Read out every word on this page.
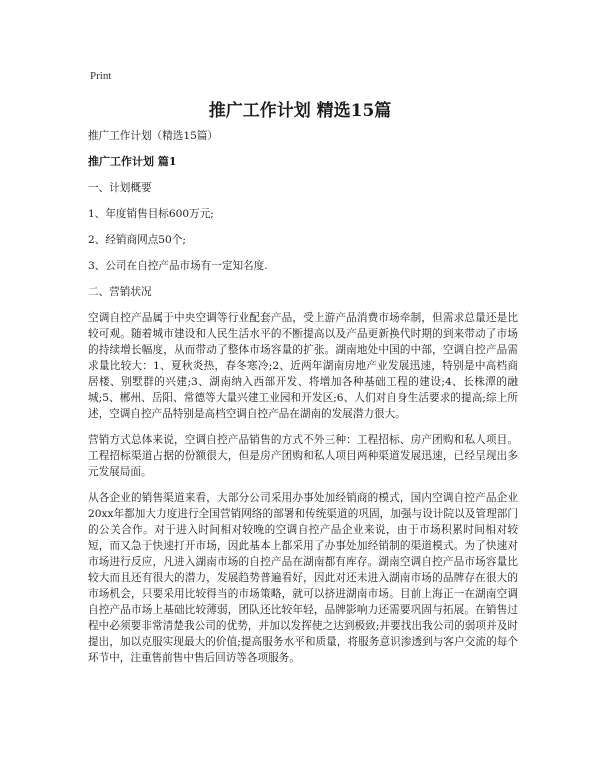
Print
推广工作计划 精选15篇

推广工作计划（精选15篇）

推广工作计划 篇1

一、计划概要

1、年度销售目标600万元;

2、经销商网点50个;

3、公司在自控产品市场有一定知名度.

二、营销状况

空调自控产品属于中央空调等行业配套产品，受上游产品消费市场牵制，但需求总量还是比较可观。随着城市建设和人民生活水平的不断提高以及产品更新换代时期的到来带动了市场的持续增长幅度，从而带动了整体市场容量的扩张。湖南地处中国的中部，空调自控产品需求量比较大：1、夏秋炎热，春冬寒冷;2、近两年湖南房地产业发展迅速，特别是中高档商居楼、别墅群的兴建;3、湖南纳入西部开发、将增加各种基础工程的建设;4、长株潭的融城;5、郴州、岳阳、常德等大量兴建工业园和开发区;6、人们对自身生活要求的提高;综上所述，空调自控产品特别是高档空调自控产品在湖南的发展潜力很大。

营销方式总体来说，空调自控产品销售的方式不外三种：工程招标、房产团购和私人项目。工程招标渠道占据的份额很大，但是房产团购和私人项目两种渠道发展迅速，已经呈现出多元发展局面。

从各企业的销售渠道来看，大部分公司采用办事处加经销商的模式，国内空调自控产品企业20xx年都加大力度进行全国营销网络的部署和传统渠道的巩固，加强与设计院以及管理部门的公关合作。对于进入时间相对较晚的空调自控产品企业来说，由于市场积累时间相对较短，而又急于快速打开市场，因此基本上都采用了办事处加经销制的渠道模式。为了快速对市场进行反应，凡进入湖南市场的自控产品在湖南都有库存。湖南空调自控产品市场容量比较大而且还有很大的潜力，发展趋势普遍看好，因此对还未进入湖南市场的品牌存在很大的市场机会，只要采用比较得当的市场策略，就可以挤进湖南市场。目前上海正一在湖南空调自控产品市场上基础比较薄弱，团队还比较年轻，品牌影响力还需要巩固与拓展。在销售过程中必须要非常清楚我公司的优势，并加以发挥使之达到极致;并要找出我公司的弱项并及时提出，加以克服实现最大的价值;提高服务水平和质量，将服务意识渗透到与客户交流的每个环节中，注重售前售中售后回访等各项服务。
